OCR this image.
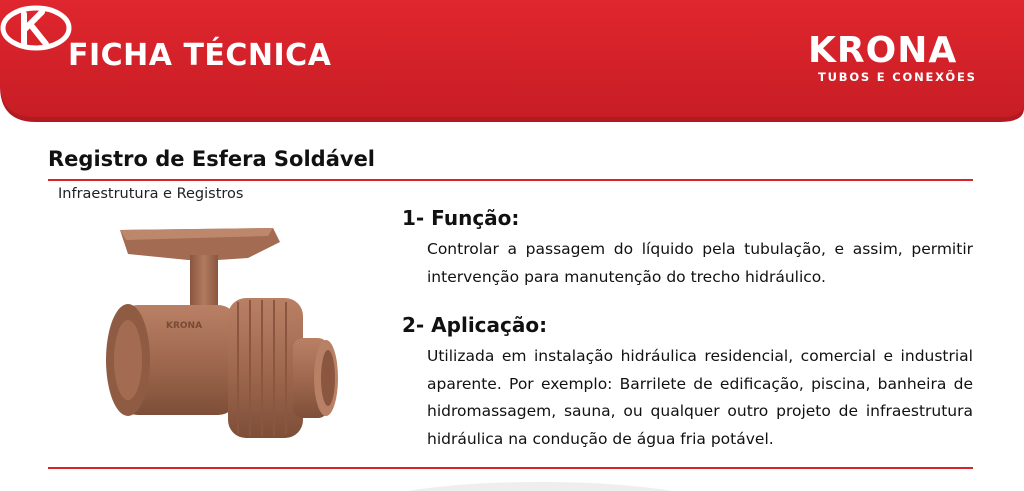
FICHA TÉCNICA	KRONA
TUBOS E CONEXÕES
Registro de Esfera Soldável
Infraestrutura e Registros
KRONA
1- Função:
Controlar a passagem do líquido pela tubulação, e assim, permitir intervenção para manutenção do trecho hidráulico.
2- Aplicação:
Utilizada em instalação hidráulica residencial, comercial e industrial aparente. Por exemplo: Barrilete de edificação, piscina, banheira de hidromassagem, sauna, ou qualquer outro projeto de infraestrutura hidráulica na condução de água fria potável.
